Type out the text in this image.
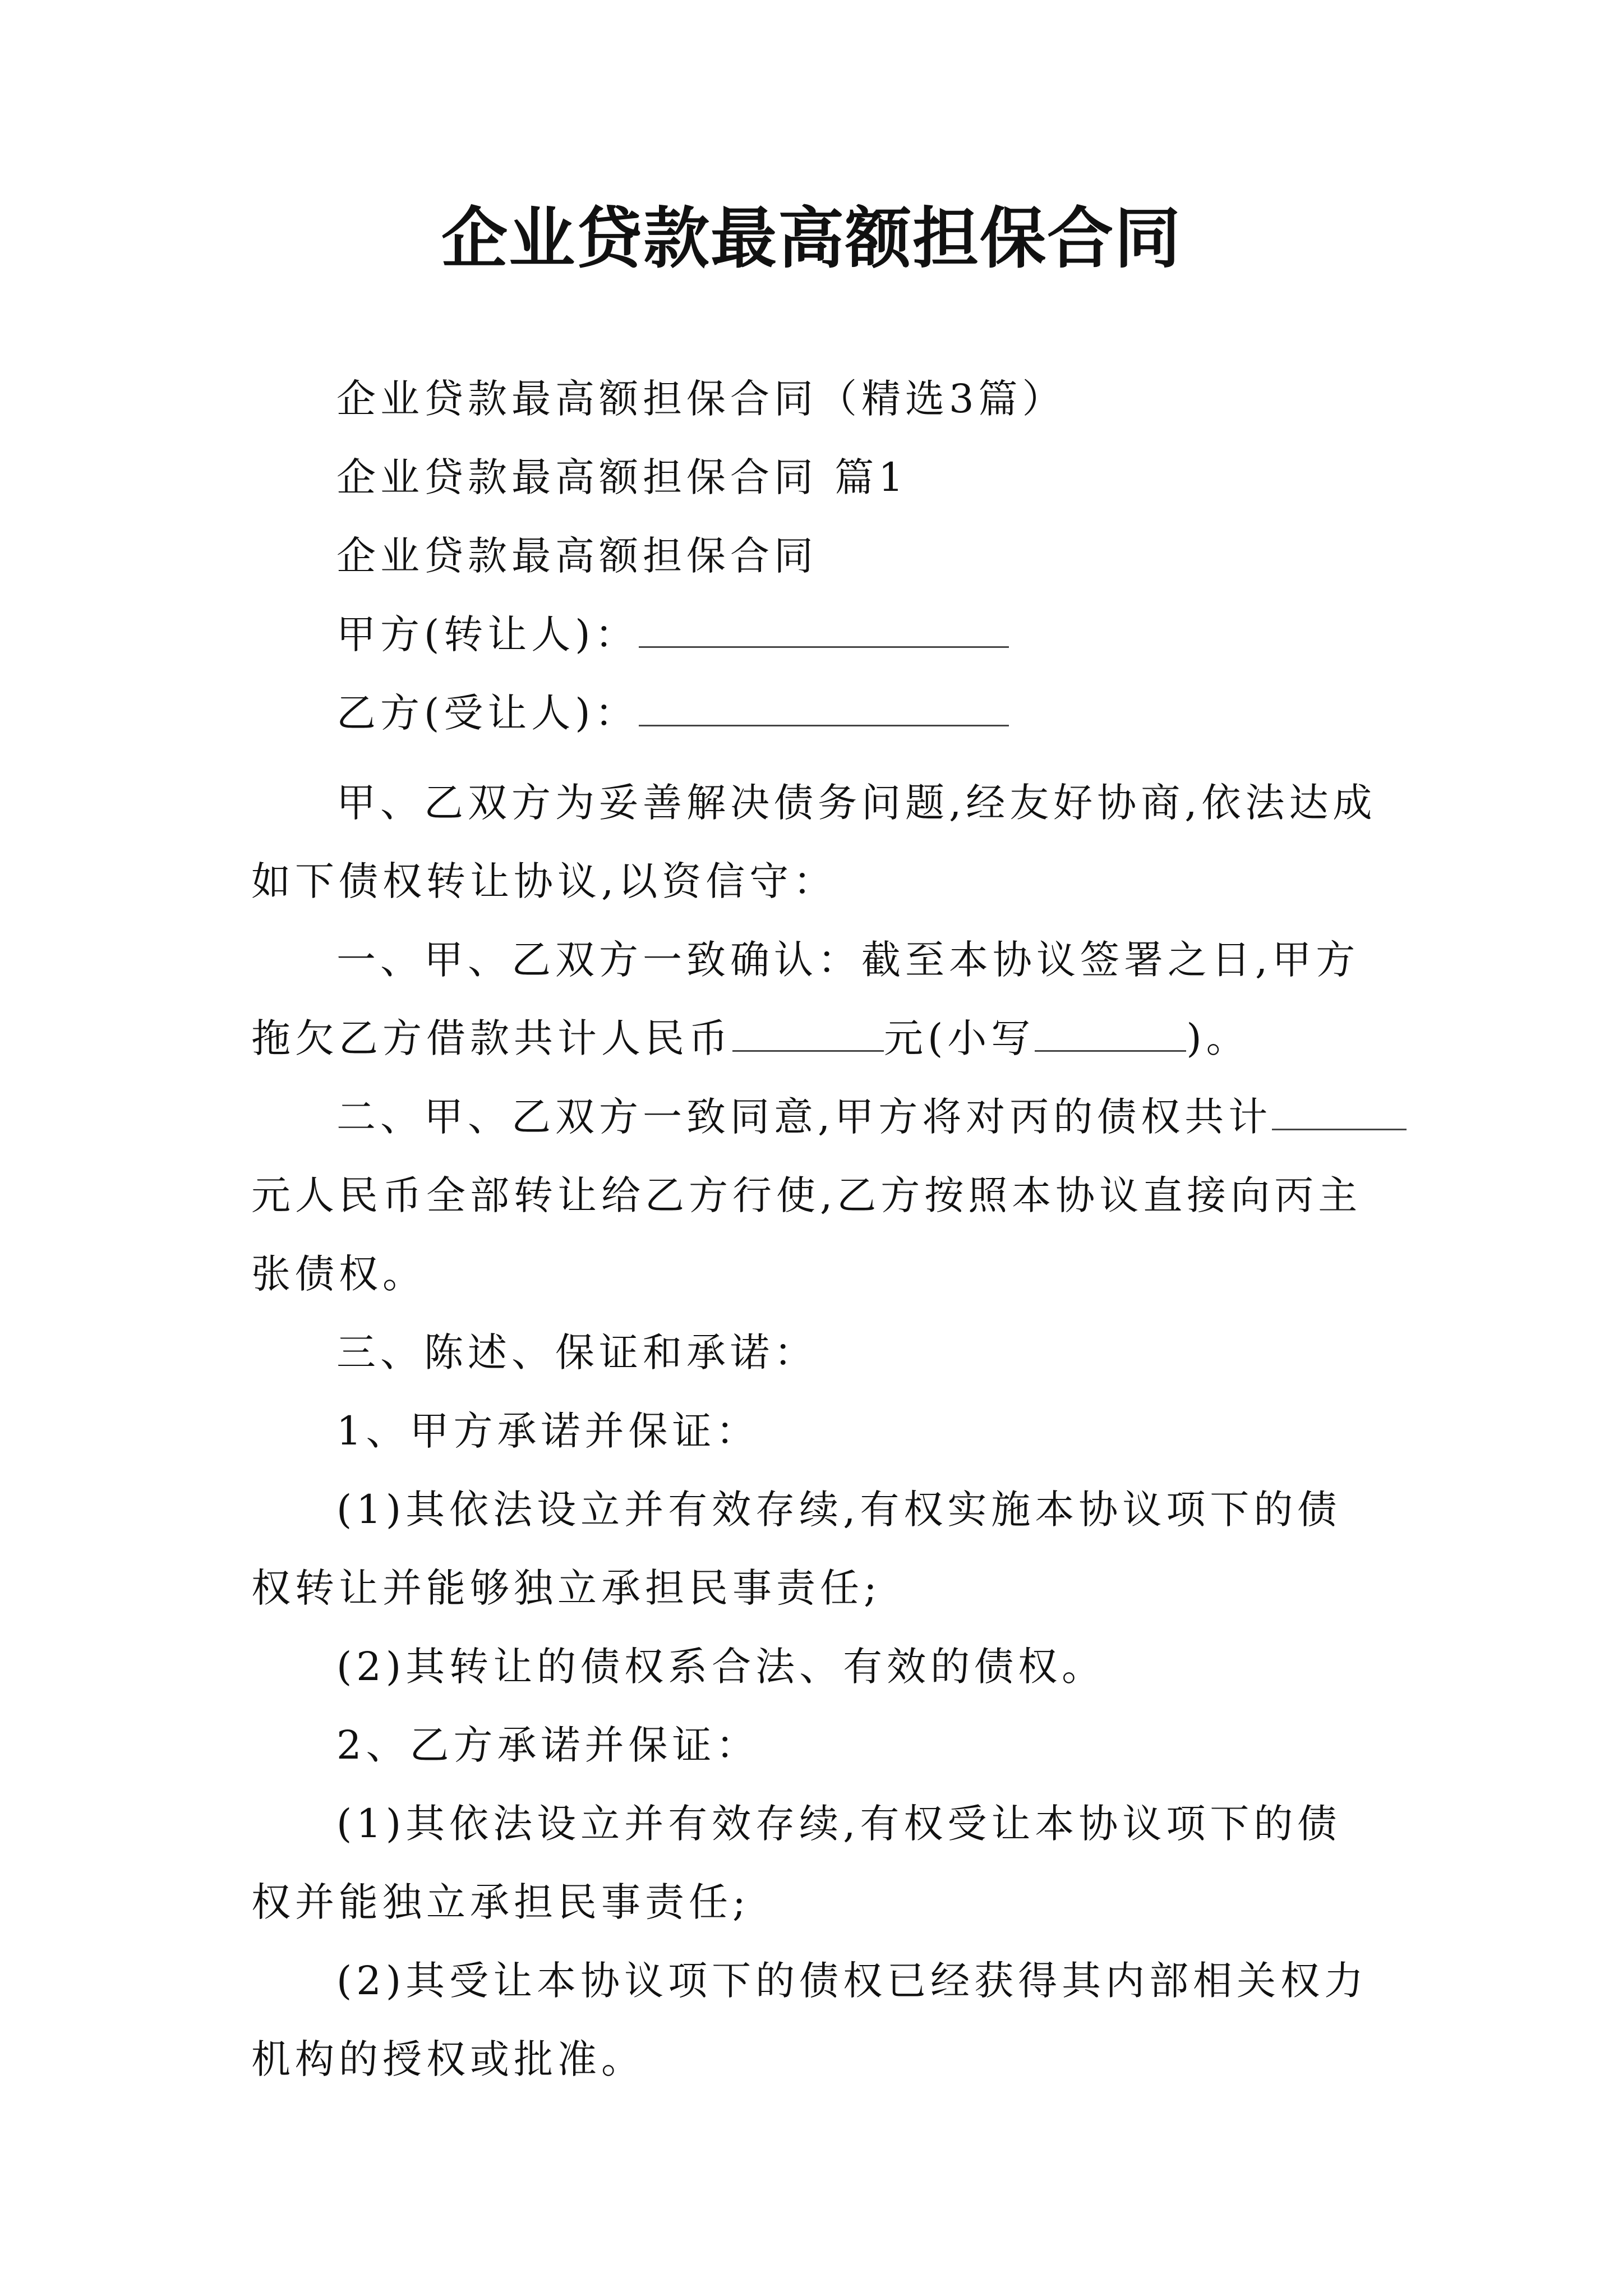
企业贷款最高额担保合同
企业贷款最高额担保合同（精选3篇）
企业贷款最高额担保合同 篇1
企业贷款最高额担保合同
甲方(转让人)：
乙方(受让人)：
甲、乙双方为妥善解决债务问题,经友好协商,依法达成
如下债权转让协议,以资信守：
一、甲、乙双方一致确认：截至本协议签署之日,甲方
拖欠乙方借款共计人民币	元(小写	)。
二、甲、乙双方一致同意,甲方将对丙的债权共计
元人民币全部转让给乙方行使,乙方按照本协议直接向丙主
张债权。
三、陈述、保证和承诺：
1、甲方承诺并保证：
(1)其依法设立并有效存续,有权实施本协议项下的债
权转让并能够独立承担民事责任;
(2)其转让的债权系合法、有效的债权。
2、乙方承诺并保证：
(1)其依法设立并有效存续,有权受让本协议项下的债
权并能独立承担民事责任;
(2)其受让本协议项下的债权已经获得其内部相关权力
机构的授权或批准。
